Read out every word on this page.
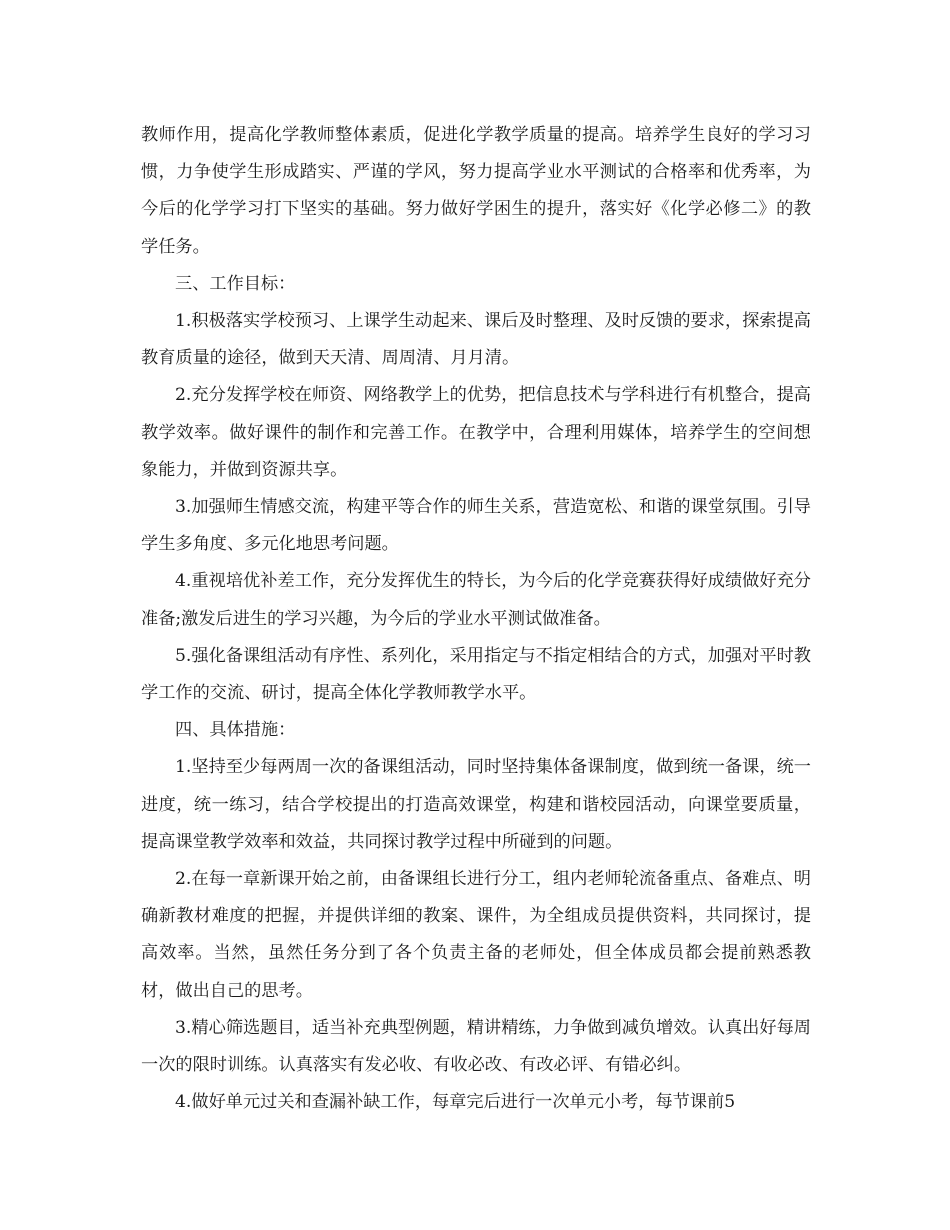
教师作用，提高化学教师整体素质，促进化学教学质量的提高。培养学生良好的学习习惯，力争使学生形成踏实、严谨的学风，努力提高学业水平测试的合格率和优秀率，为今后的化学学习打下坚实的基础。努力做好学困生的提升，落实好《化学必修二》的教学任务。

三、工作目标：

1.积极落实学校预习、上课学生动起来、课后及时整理、及时反馈的要求，探索提高教育质量的途径，做到天天清、周周清、月月清。

2.充分发挥学校在师资、网络教学上的优势，把信息技术与学科进行有机整合，提高教学效率。做好课件的制作和完善工作。在教学中，合理利用媒体，培养学生的空间想象能力，并做到资源共享。

3.加强师生情感交流，构建平等合作的师生关系，营造宽松、和谐的课堂氛围。引导学生多角度、多元化地思考问题。

4.重视培优补差工作，充分发挥优生的特长，为今后的化学竞赛获得好成绩做好充分准备;激发后进生的学习兴趣，为今后的学业水平测试做准备。

5.强化备课组活动有序性、系列化，采用指定与不指定相结合的方式，加强对平时教学工作的交流、研讨，提高全体化学教师教学水平。

四、具体措施：

1.坚持至少每两周一次的备课组活动，同时坚持集体备课制度，做到统一备课，统一进度，统一练习，结合学校提出的打造高效课堂，构建和谐校园活动，向课堂要质量，提高课堂教学效率和效益，共同探讨教学过程中所碰到的问题。

2.在每一章新课开始之前，由备课组长进行分工，组内老师轮流备重点、备难点、明确新教材难度的把握，并提供详细的教案、课件，为全组成员提供资料，共同探讨，提高效率。当然，虽然任务分到了各个负责主备的老师处，但全体成员都会提前熟悉教材，做出自己的思考。

3.精心筛选题目，适当补充典型例题，精讲精练，力争做到减负增效。认真出好每周一次的限时训练。认真落实有发必收、有收必改、有改必评、有错必纠。

4.做好单元过关和查漏补缺工作，每章完后进行一次单元小考，每节课前5
